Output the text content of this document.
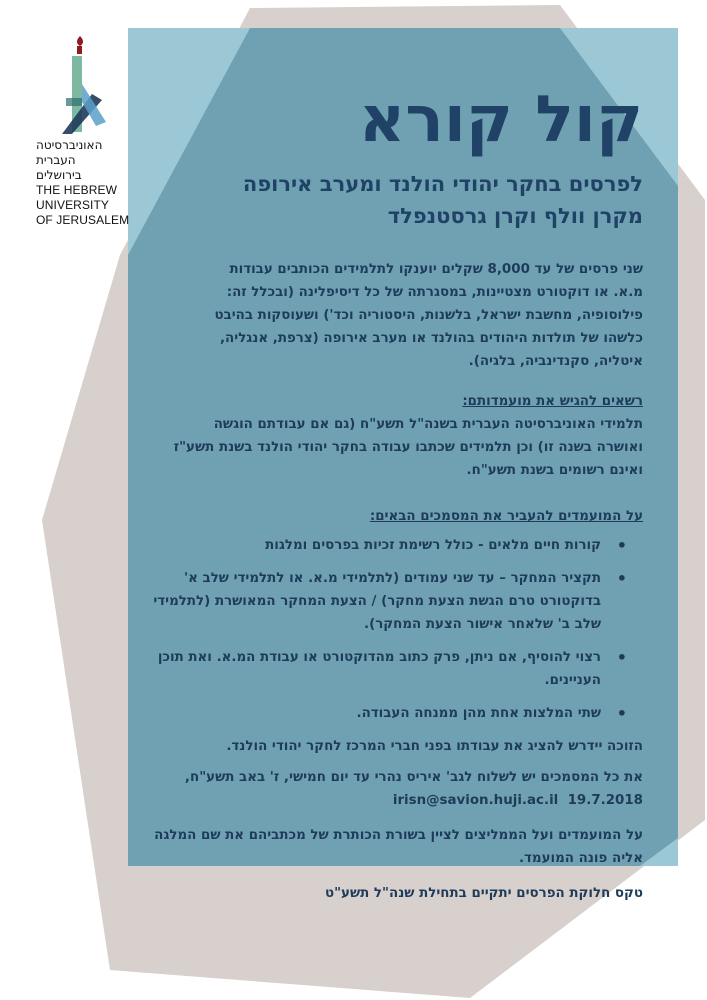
האוניברסיטה
העברית
בירושלים
THE HEBREW
UNIVERSITY
OF JERUSALEM
קול קורא
לפרסים בחקר יהודי הולנד ומערב אירופה
מקרן וולף וקרן גרסטנפלד
שני פרסים של עד 8,000 שקלים יוענקו לתלמידים הכותבים עבודות
מ.א. או דוקטורט מצטיינות, במסגרתה של כל דיסיפלינה (ובכלל זה:
פילוסופיה, מחשבת ישראל, בלשנות, היסטוריה וכד') ושעוסקות בהיבט
כלשהו של תולדות היהודים בהולנד או מערב אירופה (צרפת, אנגליה,
איטליה, סקנדינביה, בלגיה).
רשאים להגיש את מועמדותם:
תלמידי האוניברסיטה העברית בשנה"ל תשע"ח (גם אם עבודתם הוגשה
ואושרה בשנה זו) וכן תלמידים שכתבו עבודה בחקר יהודי הולנד בשנת תשע"ז
ואינם רשומים בשנת תשע"ח.
על המועמדים להעביר את המסמכים הבאים:
• קורות חיים מלאים - כולל רשימת זכיות בפרסים ומלגות
• תקציר המחקר – עד שני עמודים (לתלמידי מ.א. או לתלמידי שלב א'
בדוקטורט טרם הגשת הצעת מחקר) / הצעת המחקר המאושרת (לתלמידי
שלב ב' שלאחר אישור הצעת המחקר).
• רצוי להוסיף, אם ניתן, פרק כתוב מהדוקטורט או עבודת המ.א. ואת תוכן
העניינים.
• שתי המלצות אחת מהן ממנחה העבודה.
הזוכה יידרש להציג את עבודתו בפני חברי המרכז לחקר יהודי הולנד.
את כל המסמכים יש לשלוח לגב' איריס נהרי עד יום חמישי, ז' באב תשע"ח,
19.7.2018  irisn@savion.huji.ac.il
על המועמדים ועל הממליצים לציין בשורת הכותרת של מכתביהם את שם המלגה
אליה פונה המועמד.
טקס חלוקת הפרסים יתקיים בתחילת שנה"ל תשע"ט
